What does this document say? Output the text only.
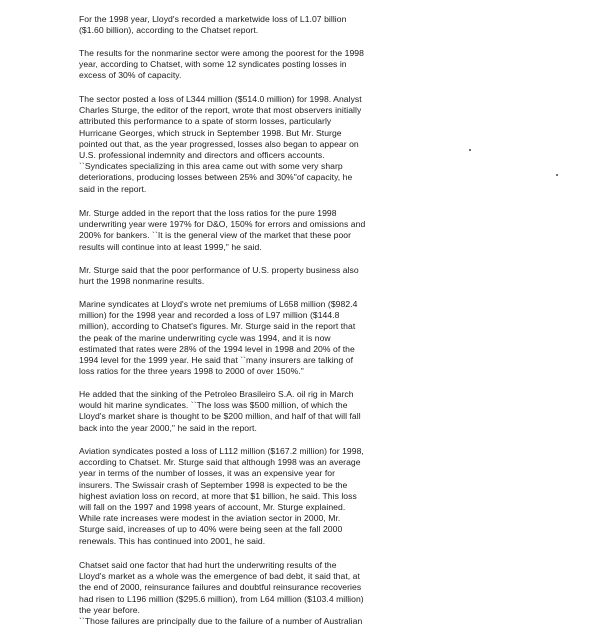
For the 1998 year, Lloyd's recorded a marketwide loss of L1.07 billion
($1.60 billion), according to the Chatset report.

The results for the nonmarine sector were among the poorest for the 1998
year, according to Chatset, with some 12 syndicates posting losses in
excess of 30% of capacity.

The sector posted a loss of L344 million ($514.0 million) for 1998. Analyst
Charles Sturge, the editor of the report, wrote that most observers initially
attributed this performance to a spate of storm losses, particularly
Hurricane Georges, which struck in September 1998. But Mr. Sturge
pointed out that, as the year progressed, losses also began to appear on
U.S. professional indemnity and directors and officers accounts.
``Syndicates specializing in this area came out with some very sharp
deteriorations, producing losses between 25% and 30%"of capacity, he
said in the report.

Mr. Sturge added in the report that the loss ratios for the pure 1998
underwriting year were 197% for D&O, 150% for errors and omissions and
200% for bankers. ``It is the general view of the market that these poor
results will continue into at least 1999," he said.

Mr. Sturge said that the poor performance of U.S. property business also
hurt the 1998 nonmarine results.

Marine syndicates at Lloyd's wrote net premiums of L658 million ($982.4
million) for the 1998 year and recorded a loss of L97 million ($144.8
million), according to Chatset's figures. Mr. Sturge said in the report that
the peak of the marine underwriting cycle was 1994, and it is now
estimated that rates were 28% of the 1994 level in 1998 and 20% of the
1994 level for the 1999 year. He said that ``many insurers are talking of
loss ratios for the three years 1998 to 2000 of over 150%."

He added that the sinking of the Petroleo Brasileiro S.A. oil rig in March
would hit marine syndicates. ``The loss was $500 million, of which the
Lloyd's market share is thought to be $200 million, and half of that will fall
back into the year 2000," he said in the report.

Aviation syndicates posted a loss of L112 million ($167.2 million) for 1998,
according to Chatset. Mr. Sturge said that although 1998 was an average
year in terms of the number of losses, it was an expensive year for
insurers. The Swissair crash of September 1998 is expected to be the
highest aviation loss on record, at more that $1 billion, he said. This loss
will fall on the 1997 and 1998 years of account, Mr. Sturge explained.
While rate increases were modest in the aviation sector in 2000, Mr.
Sturge said, increases of up to 40% were being seen at the fall 2000
renewals. This has continued into 2001, he said.

Chatset said one factor that had hurt the underwriting results of the
Lloyd's market as a whole was the emergence of bad debt, it said that, at
the end of 2000, reinsurance failures and doubtful reinsurance recoveries
had risen to L196 million ($295.6 million), from L64 million ($103.4 million)
the year before.
``Those failures are principally due to the failure of a number of Australian
